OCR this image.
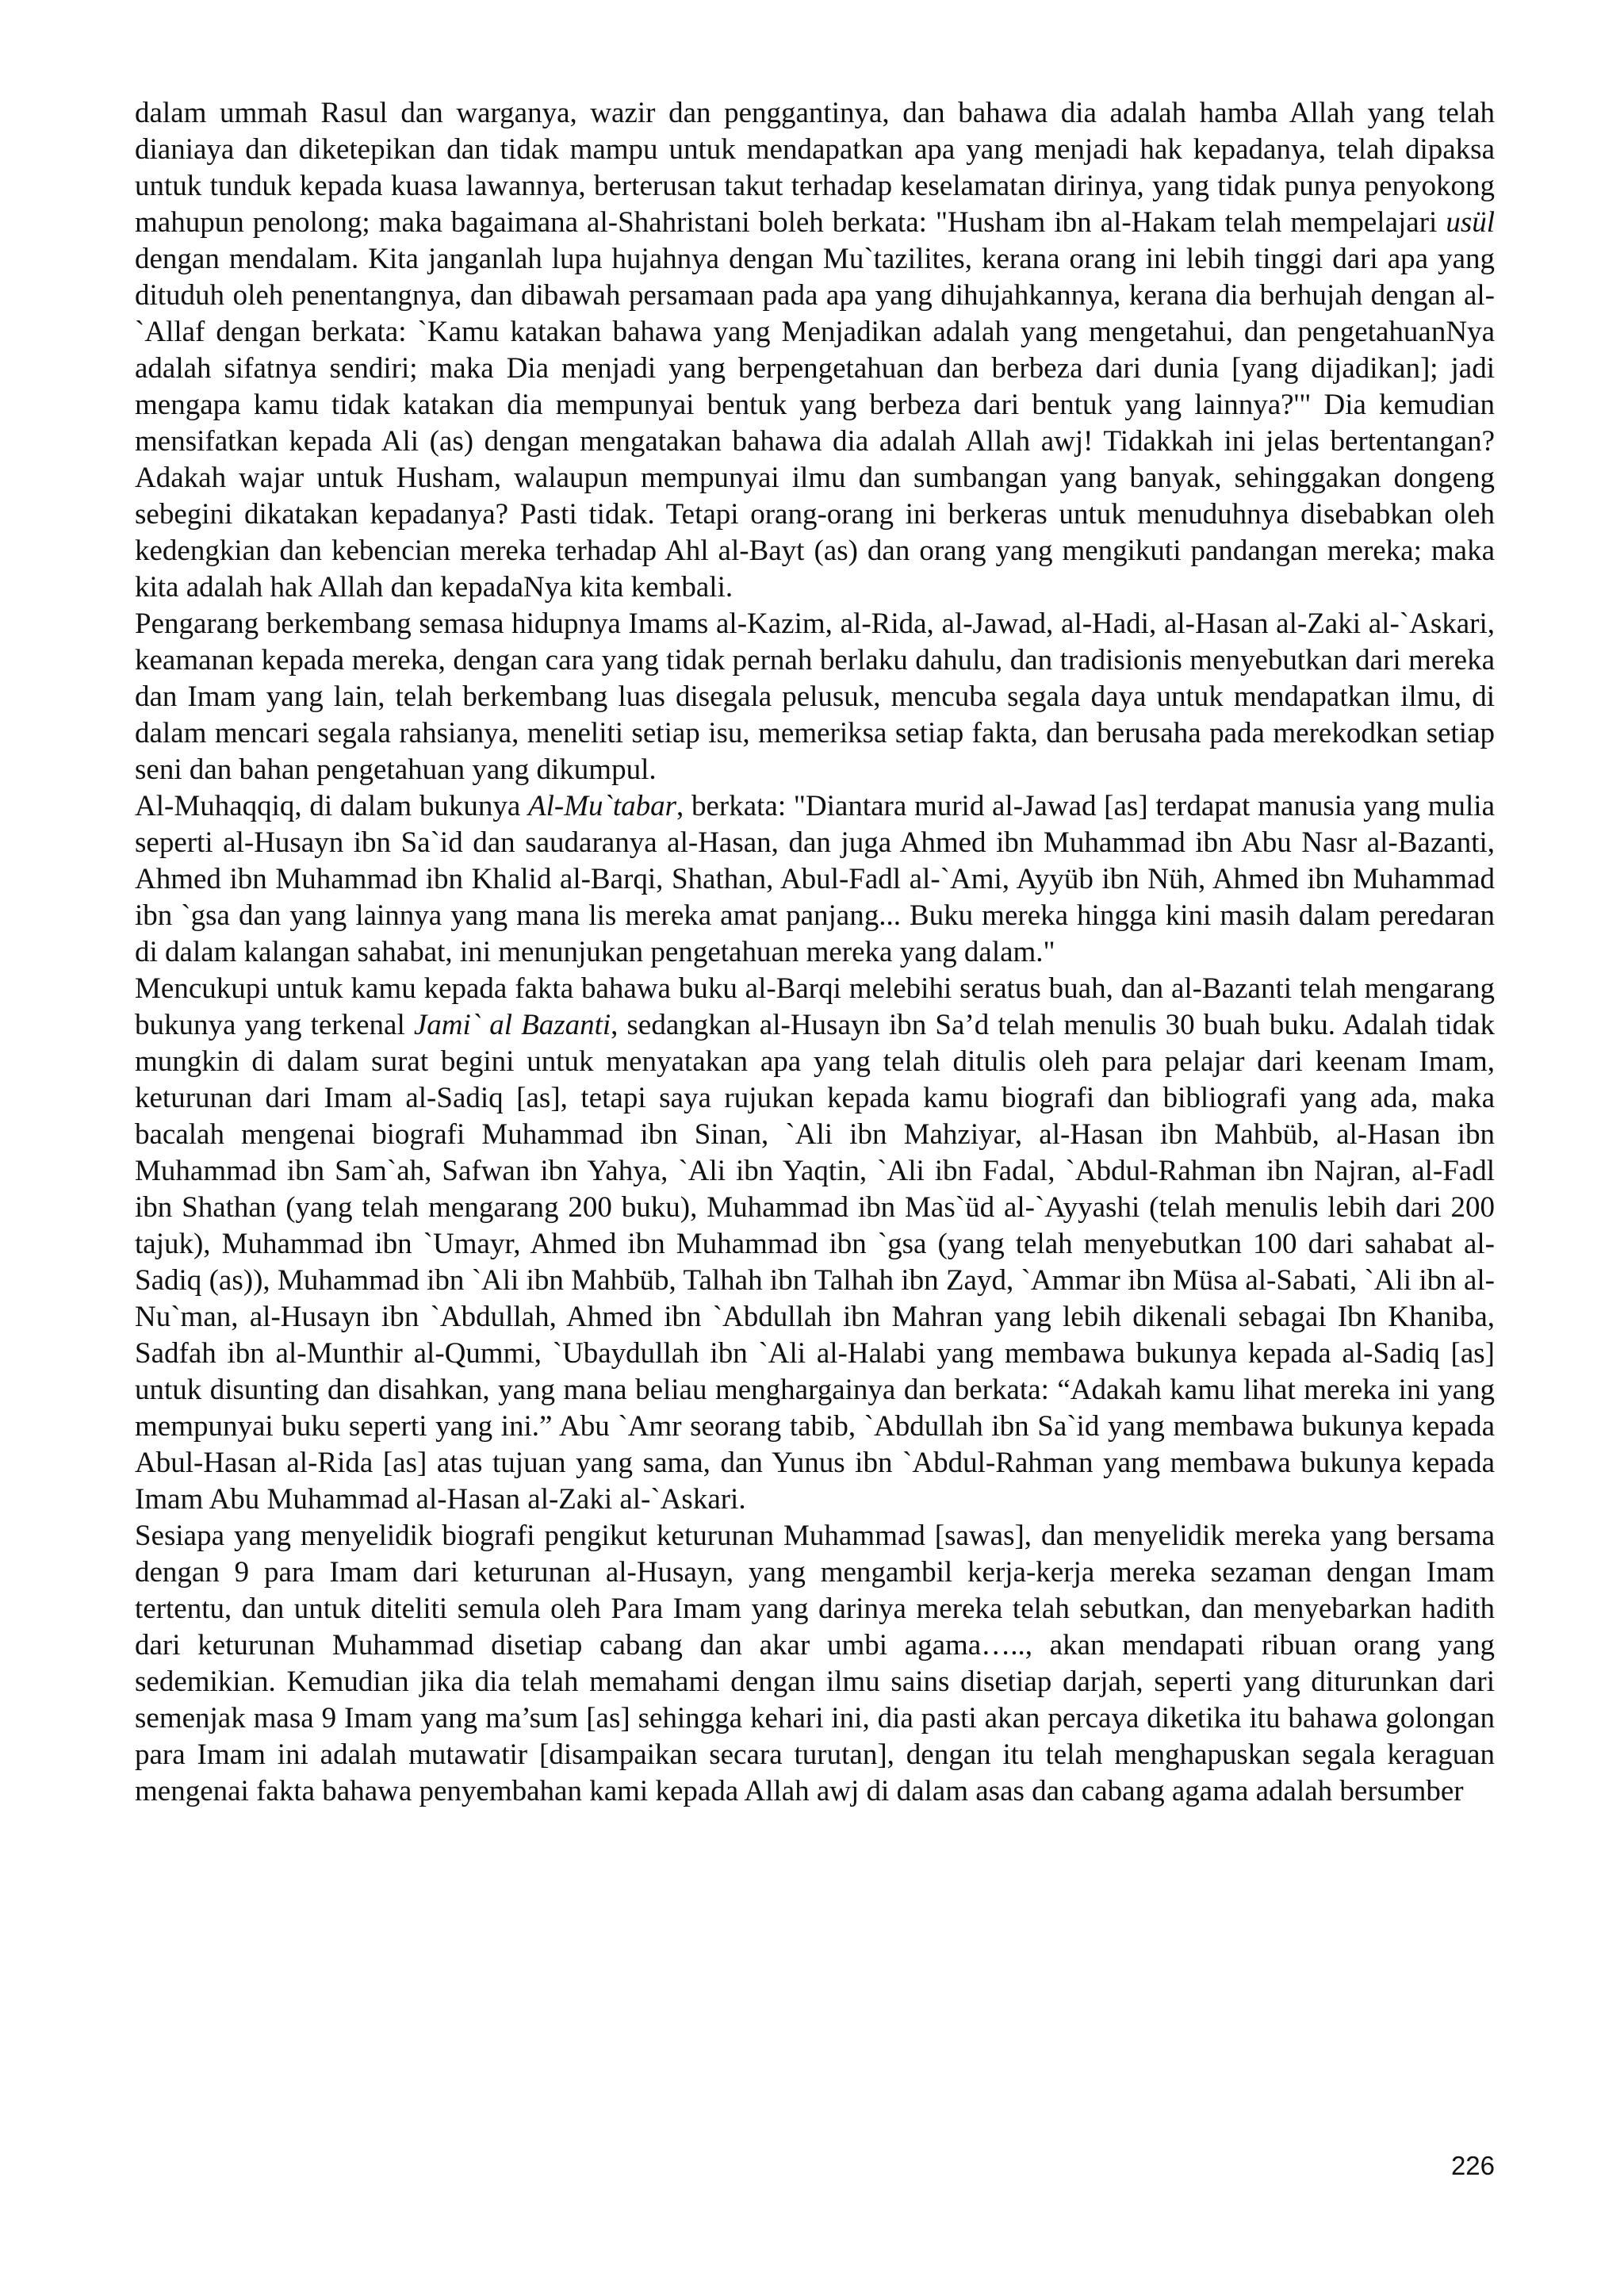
dalam ummah Rasul dan warganya, wazir dan penggantinya, dan bahawa dia adalah hamba Allah yang telah dianiaya dan diketepikan dan tidak mampu untuk mendapatkan apa yang menjadi hak kepadanya, telah dipaksa untuk tunduk kepada kuasa lawannya, berterusan takut terhadap keselamatan dirinya, yang tidak punya penyokong mahupun penolong; maka bagaimana al-Shahristani boleh berkata: "Husham ibn al-Hakam telah mempelajari usül dengan mendalam. Kita janganlah lupa hujahnya dengan Mu`tazilites, kerana orang ini lebih tinggi dari apa yang dituduh oleh penentangnya, dan dibawah persamaan pada apa yang dihujahkannya, kerana dia berhujah dengan al-`Allaf dengan berkata: `Kamu katakan bahawa yang Menjadikan adalah yang mengetahui, dan pengetahuanNya adalah sifatnya sendiri; maka Dia menjadi yang berpengetahuan dan berbeza dari dunia [yang dijadikan]; jadi mengapa kamu tidak katakan dia mempunyai bentuk yang berbeza dari bentuk yang lainnya?'" Dia kemudian mensifatkan kepada Ali (as) dengan mengatakan bahawa dia adalah Allah awj! Tidakkah ini jelas bertentangan? Adakah wajar untuk Husham, walaupun mempunyai ilmu dan sumbangan yang banyak, sehinggakan dongeng sebegini dikatakan kepadanya? Pasti tidak. Tetapi orang-orang ini berkeras untuk menuduhnya disebabkan oleh kedengkian dan kebencian mereka terhadap Ahl al-Bayt (as) dan orang yang mengikuti pandangan mereka; maka kita adalah hak Allah dan kepadaNya kita kembali.

Pengarang berkembang semasa hidupnya Imams al-Kazim, al-Rida, al-Jawad, al-Hadi, al-Hasan al-Zaki al-`Askari, keamanan kepada mereka, dengan cara yang tidak pernah berlaku dahulu, dan tradisionis menyebutkan dari mereka dan Imam yang lain, telah berkembang luas disegala pelusuk, mencuba segala daya untuk mendapatkan ilmu, di dalam mencari segala rahsianya, meneliti setiap isu, memeriksa setiap fakta, dan berusaha pada merekodkan setiap seni dan bahan pengetahuan yang dikumpul.

Al-Muhaqqiq, di dalam bukunya Al-Mu`tabar, berkata: "Diantara murid al-Jawad [as] terdapat manusia yang mulia seperti al-Husayn ibn Sa`id dan saudaranya al-Hasan, dan juga Ahmed ibn Muhammad ibn Abu Nasr al-Bazanti, Ahmed ibn Muhammad ibn Khalid al-Barqi, Shathan, Abul-Fadl al-`Ami, Ayyüb ibn Nüh, Ahmed ibn Muhammad ibn `gsa dan yang lainnya yang mana lis mereka amat panjang... Buku mereka hingga kini masih dalam peredaran di dalam kalangan sahabat, ini menunjukan pengetahuan mereka yang dalam."

Mencukupi untuk kamu kepada fakta bahawa buku al-Barqi melebihi seratus buah, dan al-Bazanti telah mengarang bukunya yang terkenal Jami` al Bazanti, sedangkan al-Husayn ibn Sa’d telah menulis 30 buah buku. Adalah tidak mungkin di dalam surat begini untuk menyatakan apa yang telah ditulis oleh para pelajar dari keenam Imam, keturunan dari Imam al-Sadiq [as], tetapi saya rujukan kepada kamu biografi dan bibliografi yang ada, maka bacalah mengenai biografi Muhammad ibn Sinan, `Ali ibn Mahziyar, al-Hasan ibn Mahbüb, al-Hasan ibn Muhammad ibn Sam`ah, Safwan ibn Yahya, `Ali ibn Yaqtin, `Ali ibn Fadal, `Abdul-Rahman ibn Najran, al-Fadl ibn Shathan (yang telah mengarang 200 buku), Muhammad ibn Mas`üd al-`Ayyashi (telah menulis lebih dari 200 tajuk), Muhammad ibn `Umayr, Ahmed ibn Muhammad ibn `gsa (yang telah menyebutkan 100 dari sahabat al-Sadiq (as)), Muhammad ibn `Ali ibn Mahbüb, Talhah ibn Talhah ibn Zayd, `Ammar ibn Müsa al-Sabati, `Ali ibn al-Nu`man, al-Husayn ibn `Abdullah, Ahmed ibn `Abdullah ibn Mahran yang lebih dikenali sebagai Ibn Khaniba, Sadfah ibn al-Munthir al-Qummi, `Ubaydullah ibn `Ali al-Halabi yang membawa bukunya kepada al-Sadiq [as] untuk disunting dan disahkan, yang mana beliau menghargainya dan berkata: “Adakah kamu lihat mereka ini yang mempunyai buku seperti yang ini.” Abu `Amr seorang tabib, `Abdullah ibn Sa`id yang membawa bukunya kepada Abul-Hasan al-Rida [as] atas tujuan yang sama, dan Yunus ibn `Abdul-Rahman yang membawa bukunya kepada Imam Abu Muhammad al-Hasan al-Zaki al-`Askari.

Sesiapa yang menyelidik biografi pengikut keturunan Muhammad [sawas], dan menyelidik mereka yang bersama dengan 9 para Imam dari keturunan al-Husayn, yang mengambil kerja-kerja mereka sezaman dengan Imam tertentu, dan untuk diteliti semula oleh Para Imam yang darinya mereka telah sebutkan, dan menyebarkan hadith dari keturunan Muhammad disetiap cabang dan akar umbi agama….., akan mendapati ribuan orang yang sedemikian. Kemudian jika dia telah memahami dengan ilmu sains disetiap darjah, seperti yang diturunkan dari semenjak masa 9 Imam yang ma’sum [as] sehingga kehari ini, dia pasti akan percaya diketika itu bahawa golongan para Imam ini adalah mutawatir [disampaikan secara turutan], dengan itu telah menghapuskan segala keraguan mengenai fakta bahawa penyembahan kami kepada Allah awj di dalam asas dan cabang agama adalah bersumber

226
